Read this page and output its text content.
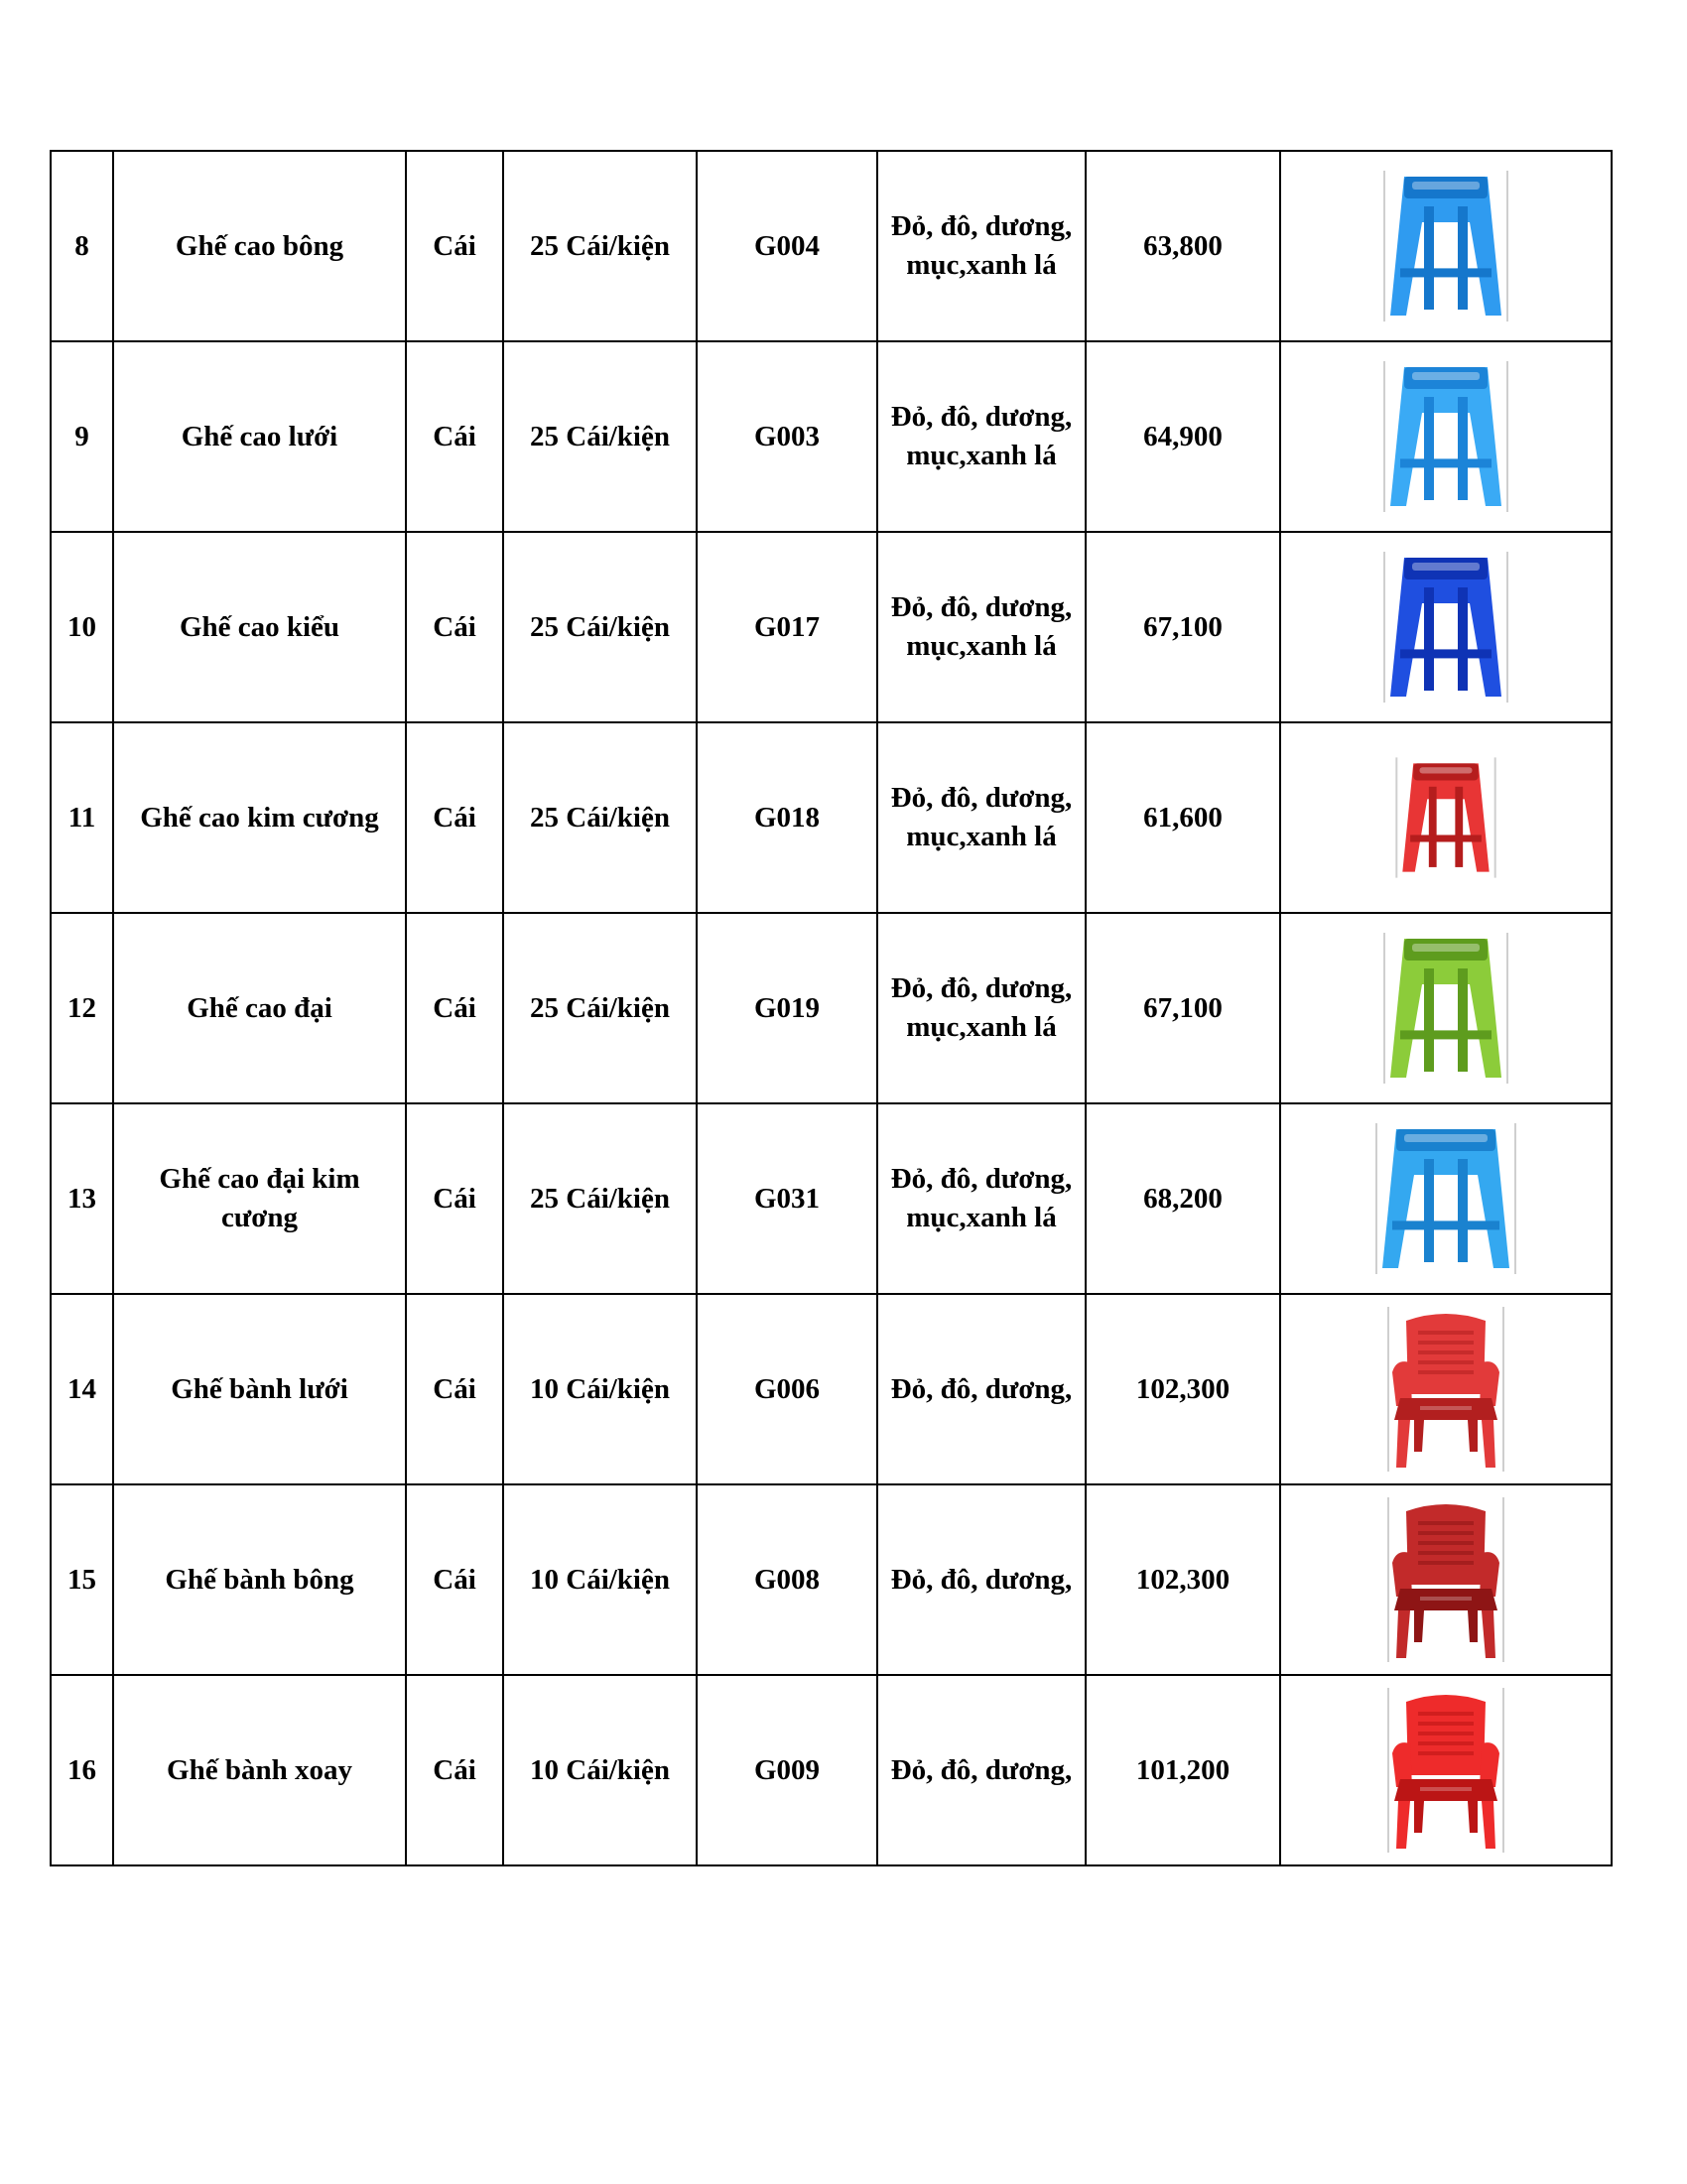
8	Ghế cao bông	Cái	25 Cái/kiện	G004	Đỏ, đô, dương,mục,xanh lá	63,800	

9	Ghế cao lưới	Cái	25 Cái/kiện	G003	Đỏ, đô, dương,mục,xanh lá	64,900	

10	Ghế cao kiểu	Cái	25 Cái/kiện	G017	Đỏ, đô, dương,mục,xanh lá	67,100	

11	Ghế cao kim cương	Cái	25 Cái/kiện	G018	Đỏ, đô, dương,mục,xanh lá	61,600	

12	Ghế cao đại	Cái	25 Cái/kiện	G019	Đỏ, đô, dương,mục,xanh lá	67,100	

13	Ghế cao đại kim cương	Cái	25 Cái/kiện	G031	Đỏ, đô, dương,mục,xanh lá	68,200	

14	Ghế bành lưới	Cái	10 Cái/kiện	G006	Đỏ, đô, dương,	102,300	

15	Ghế bành bông	Cái	10 Cái/kiện	G008	Đỏ, đô, dương,	102,300	

16	Ghế bành xoay	Cái	10 Cái/kiện	G009	Đỏ, đô, dương,	101,200	
